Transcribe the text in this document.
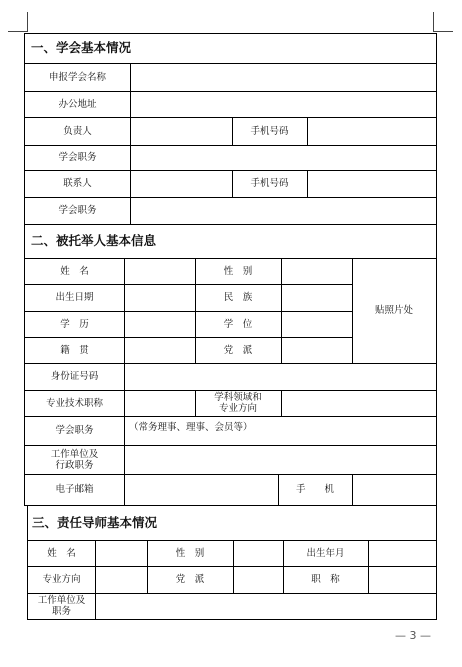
一、学会基本情况
申报学会名称
办公地址
负责人	手机号码
学会职务
联系人	手机号码
学会职务
二、被托举人基本信息
姓　名	性　别
贴照片处
出生日期	民　族
学　历	学　位
籍　贯	党　派
身份证号码
专业技术职称	学科领域和
专业方向
学会职务	（常务理事、理事、会员等）
工作单位及
行政职务
电子邮箱	手　　机
三、责任导师基本情况
姓　名	性　别	出生年月
专业方向	党　派	职　称
工作单位及
职务
— 3 —
